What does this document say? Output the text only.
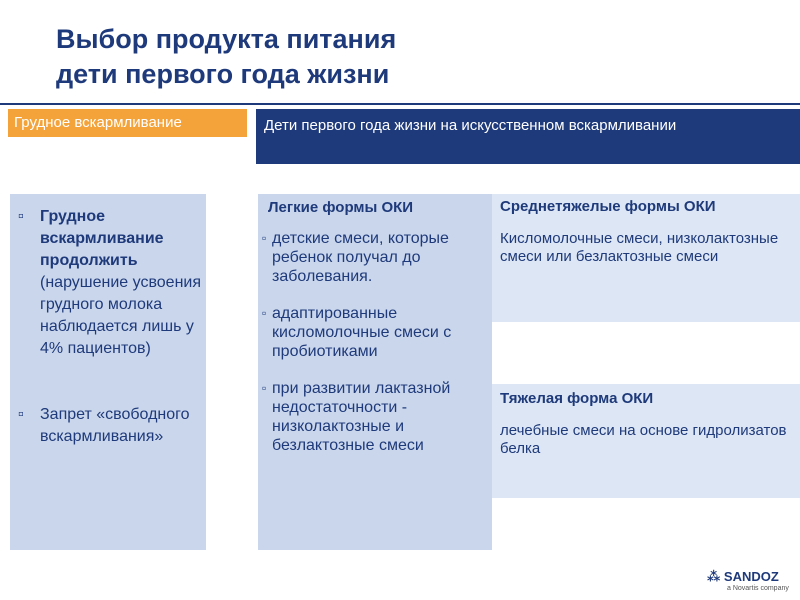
Выбор продукта питания
дети первого года жизни
Грудное вскармливание	Дети первого года жизни на искусственном вскармливании
▫	Грудное вскармливание продолжить (нарушение усвоения грудного молока наблюдается лишь у 4% пациентов)
▫	Запрет «свободного вскармливания»
Легкие формы ОКИ
▫ детские смеси, которые ребенок получал до заболевания.
▫ адаптированные кисломолочные смеси с пробиотиками
▫ при развитии лактазной недостаточности - низколактозные и безлактозные смеси
Среднетяжелые формы ОКИ
Кисломолочные смеси, низколактозные смеси или безлактозные смеси
Тяжелая форма ОКИ
лечебные смеси на основе гидролизатов белка
⁂ SANDOZ
a Novartis company
